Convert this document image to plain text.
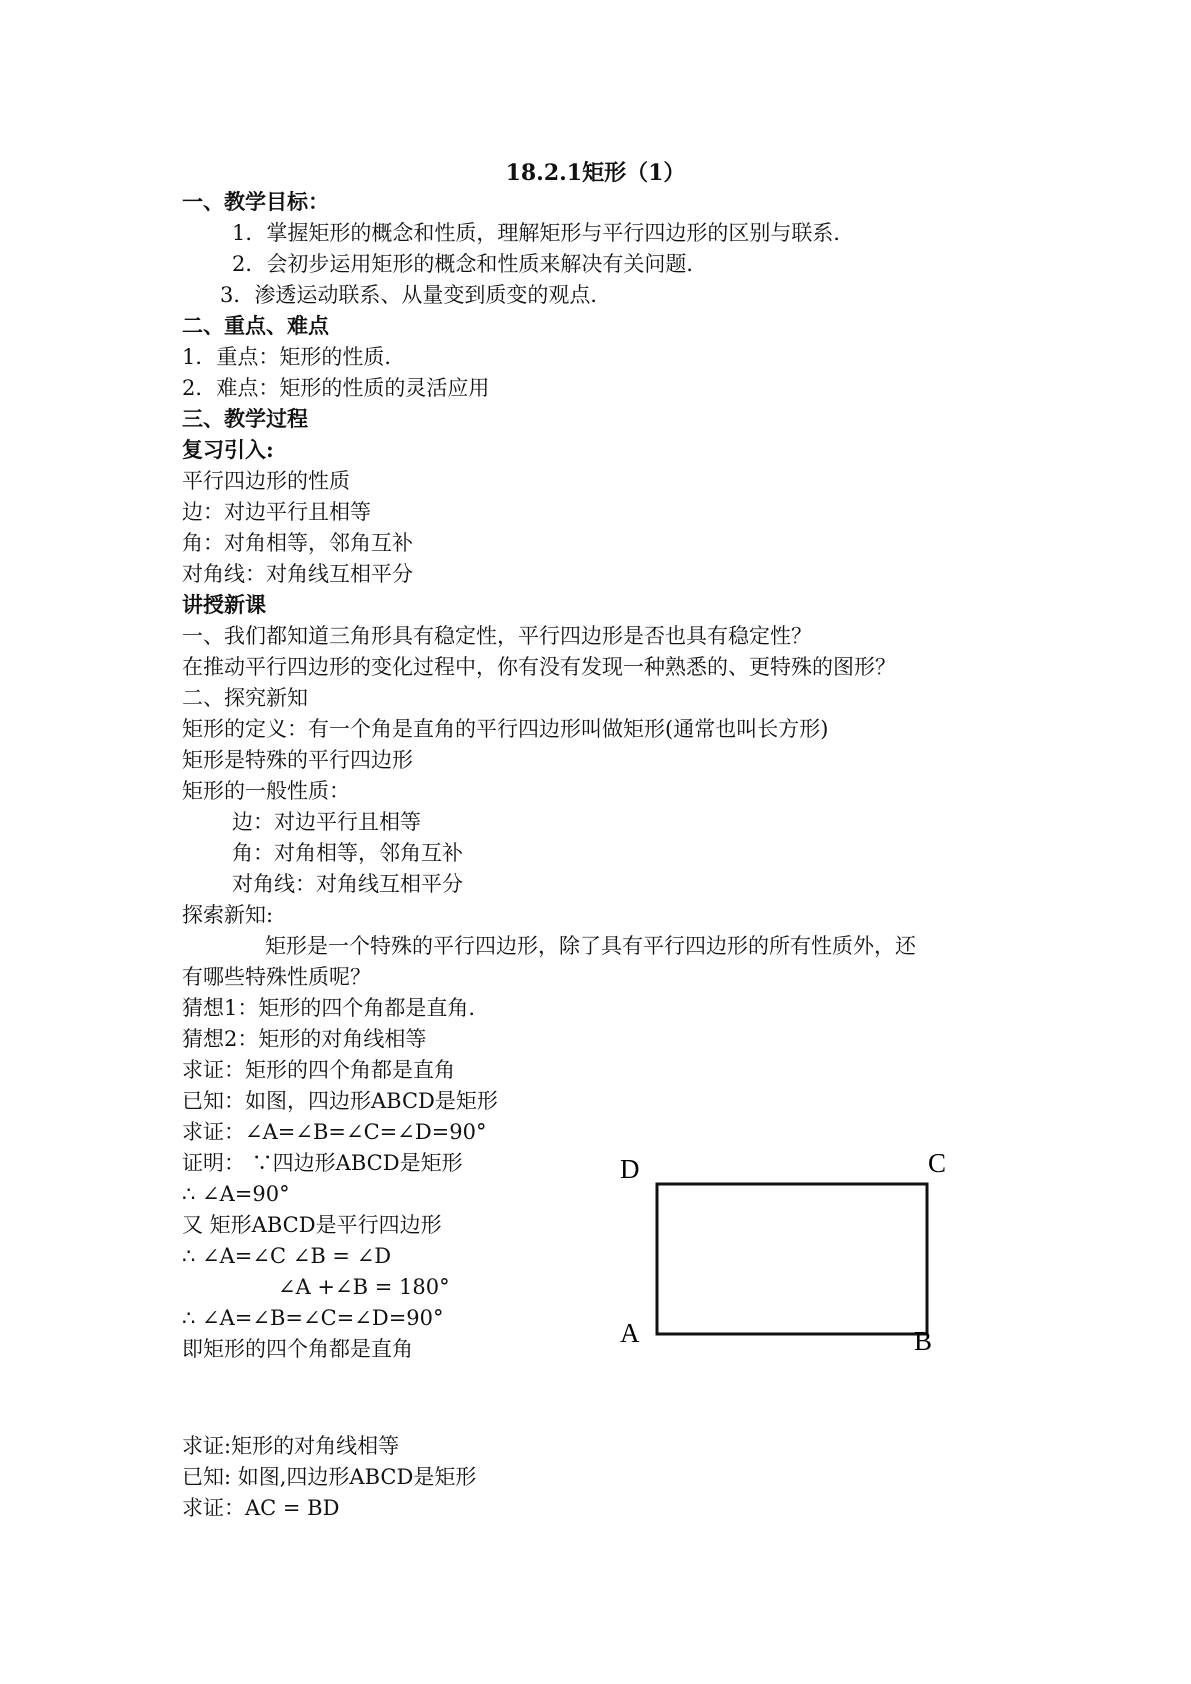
18.2.1矩形（1）
一、教学目标：
1．掌握矩形的概念和性质，理解矩形与平行四边形的区别与联系．
2．会初步运用矩形的概念和性质来解决有关问题．
3．渗透运动联系、从量变到质变的观点．
二、重点、难点
1．重点：矩形的性质．
2．难点：矩形的性质的灵活应用
三、教学过程
复习引入:
平行四边形的性质
边：对边平行且相等
角：对角相等，邻角互补
对角线：对角线互相平分
讲授新课
一、我们都知道三角形具有稳定性，平行四边形是否也具有稳定性？
在推动平行四边形的变化过程中，你有没有发现一种熟悉的、更特殊的图形？
二、探究新知
矩形的定义：有一个角是直角的平行四边形叫做矩形(通常也叫长方形)
矩形是特殊的平行四边形
矩形的一般性质：
边：对边平行且相等
角：对角相等，邻角互补
对角线：对角线互相平分
探索新知:
矩形是一个特殊的平行四边形，除了具有平行四边形的所有性质外，还
有哪些特殊性质呢？
猜想1：矩形的四个角都是直角.
猜想2：矩形的对角线相等
求证：矩形的四个角都是直角
已知：如图，四边形ABCD是矩形
求证：∠A=∠B=∠C=∠D=90°
证明： ∵四边形ABCD是矩形
∴ ∠A=90°
又 矩形ABCD是平行四边形
∴ ∠A=∠C ∠B = ∠D
∠A +∠B = 180°
∴ ∠A=∠B=∠C=∠D=90°
即矩形的四个角都是直角
求证:矩形的对角线相等
已知: 如图,四边形ABCD是矩形
求证：AC = BD
D	C
A	B
